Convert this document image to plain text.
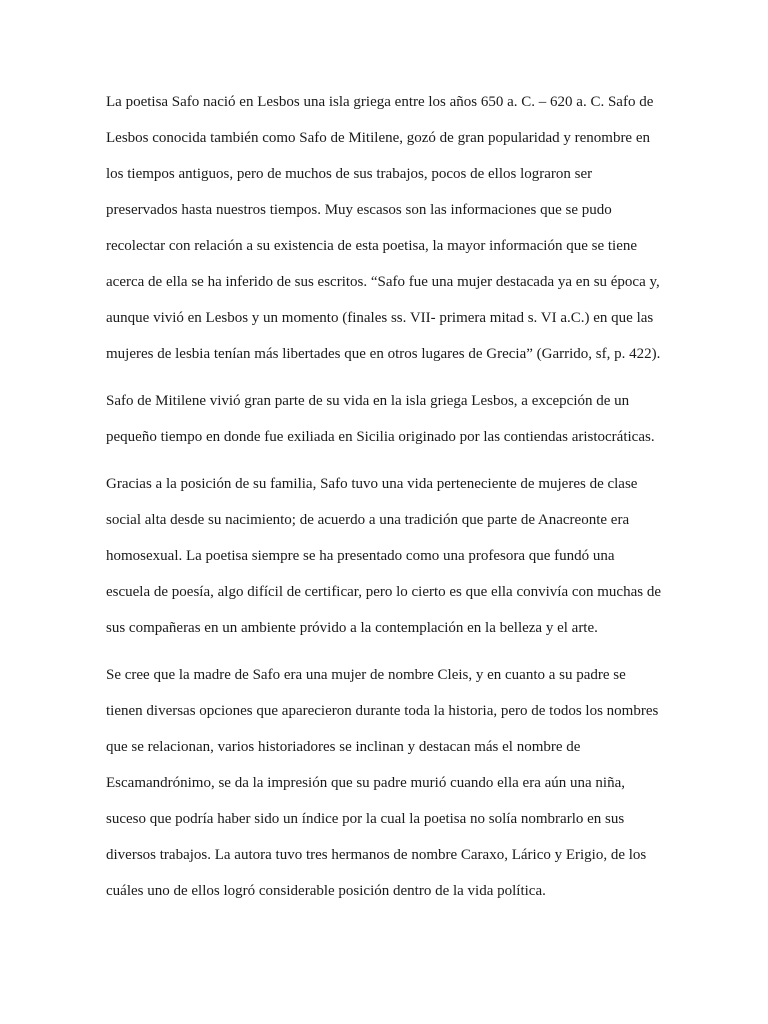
La poetisa Safo nació en Lesbos una isla griega entre los años 650 a. C. – 620 a. C. Safo de Lesbos conocida también como Safo de Mitilene, gozó de gran popularidad y renombre en los tiempos antiguos, pero de muchos de sus trabajos, pocos de ellos lograron ser preservados hasta nuestros tiempos. Muy escasos son las informaciones que se pudo recolectar con relación a su existencia de esta poetisa, la mayor información que se tiene acerca de ella se ha inferido de sus escritos. “Safo fue una mujer destacada ya en su época y, aunque vivió en Lesbos y un momento (finales ss. VII- primera mitad s. VI a.C.) en que las mujeres de lesbia tenían más libertades que en otros lugares de Grecia” (Garrido, sf, p. 422).

Safo de Mitilene vivió gran parte de su vida en la isla griega Lesbos, a excepción de un pequeño tiempo en donde fue exiliada en Sicilia originado por las contiendas aristocráticas.

Gracias a la posición de su familia, Safo tuvo una vida perteneciente de mujeres de clase social alta desde su nacimiento; de acuerdo a una tradición que parte de Anacreonte era homosexual. La poetisa siempre se ha presentado como una profesora que fundó una escuela de poesía, algo difícil de certificar, pero lo cierto es que ella convivía con muchas de sus compañeras en un ambiente próvido a la contemplación en la belleza y el arte.

Se cree que la madre de Safo era una mujer de nombre Cleis, y en cuanto a su padre se tienen diversas opciones que aparecieron durante toda la historia, pero de todos los nombres que se relacionan, varios historiadores se inclinan y destacan más el nombre de Escamandrónimo, se da la impresión que su padre murió cuando ella era aún una niña, suceso que podría haber sido un índice por la cual la poetisa no solía nombrarlo en sus diversos trabajos. La autora tuvo tres hermanos de nombre Caraxo, Lárico y Erigio, de los cuáles uno de ellos logró considerable posición dentro de la vida política.
